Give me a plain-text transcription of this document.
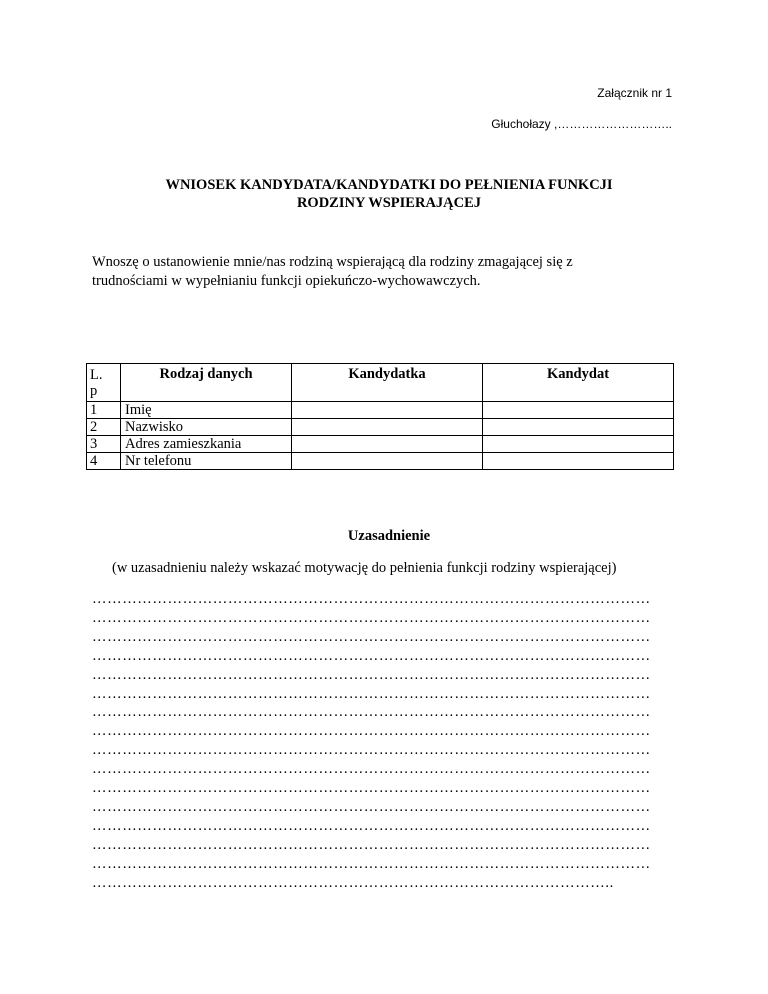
Załącznik nr 1
Głuchołazy ,………………………..
WNIOSEK KANDYDATA/KANDYDATKI DO PEŁNIENIA FUNKCJI
RODZINY WSPIERAJĄCEJ
Wnoszę o ustanowienie mnie/nas rodziną wspierającą dla rodziny zmagającej się z
trudnościami w wypełnianiu funkcji opiekuńczo-wychowawczych.
L.
p	Rodzaj danych	Kandydatka	Kandydat
1	Imię		
2	Nazwisko		
3	Adres zamieszkania		
4	Nr telefonu		
Uzasadnienie
(w uzasadnieniu należy wskazać motywację do pełnienia funkcji rodziny wspierającej)
…………………………………………………………………………………………………
…………………………………………………………………………………………………
…………………………………………………………………………………………………
…………………………………………………………………………………………………
…………………………………………………………………………………………………
…………………………………………………………………………………………………
…………………………………………………………………………………………………
…………………………………………………………………………………………………
…………………………………………………………………………………………………
…………………………………………………………………………………………………
…………………………………………………………………………………………………
…………………………………………………………………………………………………
…………………………………………………………………………………………………
…………………………………………………………………………………………………
…………………………………………………………………………………………………
…………………………………………………………………………………………..
